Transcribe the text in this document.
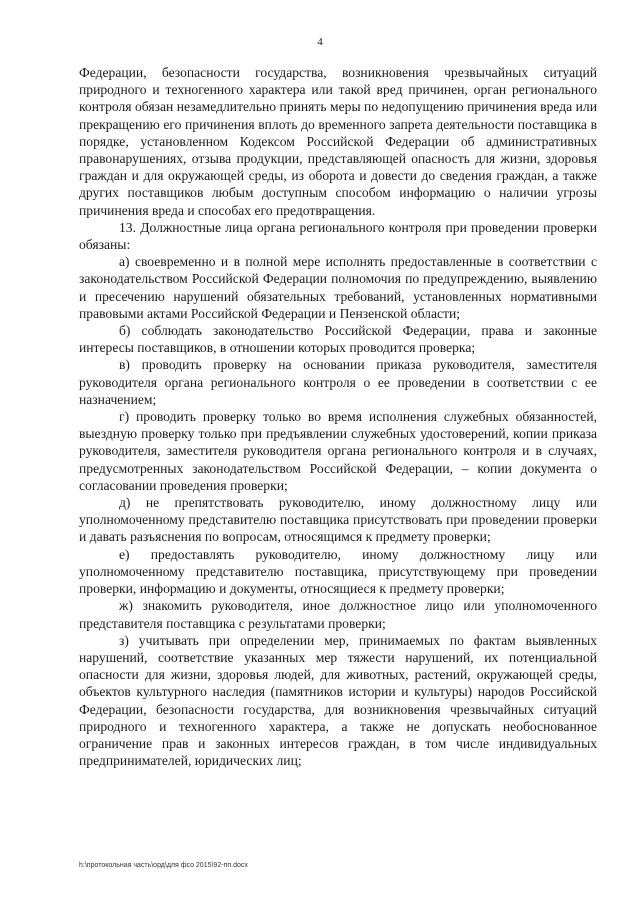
4

Федерации, безопасности государства, возникновения чрезвычайных ситуаций природного и техногенного характера или такой вред причинен, орган регионального контроля обязан незамедлительно принять меры по недопущению причинения вреда или прекращению его причинения вплоть до временного запрета деятельности поставщика в порядке, установленном Кодексом Российской Федерации об административных правонарушениях, отзыва продукции, представляющей опасность для жизни, здоровья граждан и для окружающей среды, из оборота и довести до сведения граждан, а также других поставщиков любым доступным способом информацию о наличии угрозы причинения вреда и способах его предотвращения.

13. Должностные лица органа регионального контроля при проведении проверки обязаны:

а) своевременно и в полной мере исполнять предоставленные в соответствии с законодательством Российской Федерации полномочия по предупреждению, выявлению и пресечению нарушений обязательных требований, установленных нормативными правовыми актами Российской Федерации и Пензенской области;

б) соблюдать законодательство Российской Федерации, права и законные интересы поставщиков, в отношении которых проводится проверка;

в) проводить проверку на основании приказа руководителя, заместителя руководителя органа регионального контроля о ее проведении в соответствии с ее назначением;

г) проводить проверку только во время исполнения служебных обязанностей, выездную проверку только при предъявлении служебных удостоверений, копии приказа руководителя, заместителя руководителя органа регионального контроля и в случаях, предусмотренных законодательством Российской Федерации, – копии документа о согласовании проведения проверки;

д) не препятствовать руководителю, иному должностному лицу или уполномоченному представителю поставщика присутствовать при проведении проверки и давать разъяснения по вопросам, относящимся к предмету проверки;

е) предоставлять руководителю, иному должностному лицу или уполномоченному представителю поставщика, присутствующему при проведении проверки, информацию и документы, относящиеся к предмету проверки;

ж) знакомить руководителя, иное должностное лицо или уполномоченного представителя поставщика с результатами проверки;

з) учитывать при определении мер, принимаемых по фактам выявленных нарушений, соответствие указанных мер тяжести нарушений, их потенциальной опасности для жизни, здоровья людей, для животных, растений, окружающей среды, объектов культурного наследия (памятников истории и культуры) народов Российской Федерации, безопасности государства, для возникновения чрезвычайных ситуаций природного и техногенного характера, а также не допускать необоснованное ограничение прав и законных интересов граждан, в том числе индивидуальных предпринимателей, юридических лиц;

h:\протокольная часть\орд\для фсо 2015\92-пп.docx
